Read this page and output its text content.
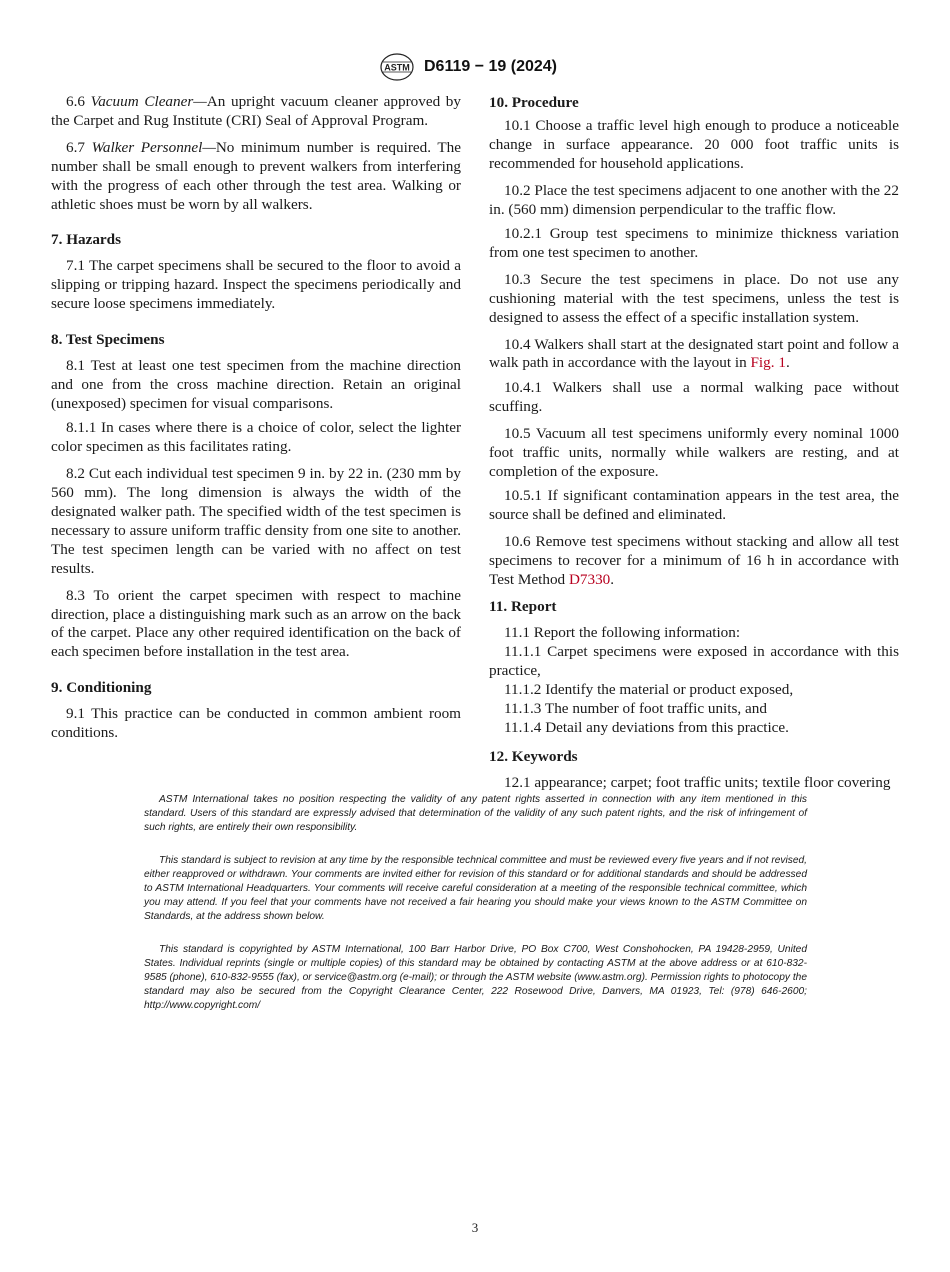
ASTM D6119 − 19 (2024)

6.6 Vacuum Cleaner—An upright vacuum cleaner approved by the Carpet and Rug Institute (CRI) Seal of Approval Program.

6.7 Walker Personnel—No minimum number is required. The number shall be small enough to prevent walkers from interfering with the progress of each other through the test area. Walking or athletic shoes must be worn by all walkers.

7. Hazards

7.1 The carpet specimens shall be secured to the floor to avoid a slipping or tripping hazard. Inspect the specimens periodically and secure loose specimens immediately.

8. Test Specimens

8.1 Test at least one test specimen from the machine direction and one from the cross machine direction. Retain an original (unexposed) specimen for visual comparisons.

8.1.1 In cases where there is a choice of color, select the lighter color specimen as this facilitates rating.

8.2 Cut each individual test specimen 9 in. by 22 in. (230 mm by 560 mm). The long dimension is always the width of the designated walker path. The specified width of the test specimen is necessary to assure uniform traffic density from one site to another. The test specimen length can be varied with no affect on test results.

8.3 To orient the carpet specimen with respect to machine direction, place a distinguishing mark such as an arrow on the back of the carpet. Place any other required identification on the back of each specimen before installation in the test area.

9. Conditioning

9.1 This practice can be conducted in common ambient room conditions.

10. Procedure

10.1 Choose a traffic level high enough to produce a noticeable change in surface appearance. 20 000 foot traffic units is recommended for household applications.

10.2 Place the test specimens adjacent to one another with the 22 in. (560 mm) dimension perpendicular to the traffic flow.

10.2.1 Group test specimens to minimize thickness variation from one test specimen to another.

10.3 Secure the test specimens in place. Do not use any cushioning material with the test specimens, unless the test is designed to assess the effect of a specific installation system.

10.4 Walkers shall start at the designated start point and follow a walk path in accordance with the layout in Fig. 1.

10.4.1 Walkers shall use a normal walking pace without scuffing.

10.5 Vacuum all test specimens uniformly every nominal 1000 foot traffic units, normally while walkers are resting, and at completion of the exposure.

10.5.1 If significant contamination appears in the test area, the source shall be defined and eliminated.

10.6 Remove test specimens without stacking and allow all test specimens to recover for a minimum of 16 h in accordance with Test Method D7330.

11. Report

11.1 Report the following information:

11.1.1 Carpet specimens were exposed in accordance with this practice,

11.1.2 Identify the material or product exposed,

11.1.3 The number of foot traffic units, and

11.1.4 Detail any deviations from this practice.

12. Keywords

12.1 appearance; carpet; foot traffic units; textile floor covering

ASTM International takes no position respecting the validity of any patent rights asserted in connection with any item mentioned in this standard. Users of this standard are expressly advised that determination of the validity of any such patent rights, and the risk of infringement of such rights, are entirely their own responsibility.

This standard is subject to revision at any time by the responsible technical committee and must be reviewed every five years and if not revised, either reapproved or withdrawn. Your comments are invited either for revision of this standard or for additional standards and should be addressed to ASTM International Headquarters. Your comments will receive careful consideration at a meeting of the responsible technical committee, which you may attend. If you feel that your comments have not received a fair hearing you should make your views known to the ASTM Committee on Standards, at the address shown below.

This standard is copyrighted by ASTM International, 100 Barr Harbor Drive, PO Box C700, West Conshohocken, PA 19428-2959, United States. Individual reprints (single or multiple copies) of this standard may be obtained by contacting ASTM at the above address or at 610-832-9585 (phone), 610-832-9555 (fax), or service@astm.org (e-mail); or through the ASTM website (www.astm.org). Permission rights to photocopy the standard may also be secured from the Copyright Clearance Center, 222 Rosewood Drive, Danvers, MA 01923, Tel: (978) 646-2600; http://www.copyright.com/

3
